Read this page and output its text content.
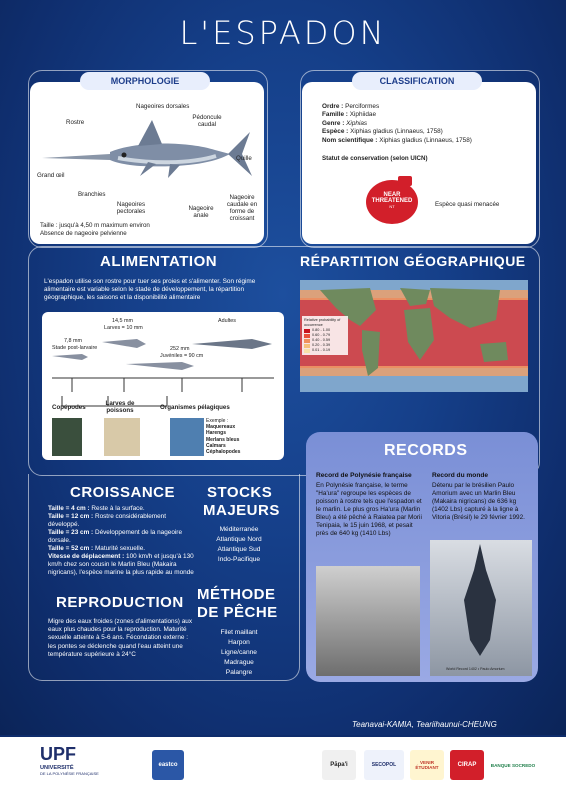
L'ESPADON
MORPHOLOGIE
Nageoires dorsales
Rostre
Pédoncule caudal
Quille
Grand œil
Branchies
Nageoires pectorales	Nageoire anale
Nageoire caudale en forme de croissant
Taille : jusqu'à 4,50 m maximum environ
Absence de nageoire pelvienne
CLASSIFICATION
Ordre : Perciformes
Famille : Xiphiidae
Genre : Xiphias
Espèce : Xiphias gladius (Linnaeus, 1758)
Nom scientifique : Xiphias gladius (Linnaeus, 1758)
Statut de conservation (selon UICN)
NEAR
THREATENED
NT	Espèce quasi menacée
ALIMENTATION
L'espadon utilise son rostre pour tuer ses proies et s'alimenter. Son régime alimentaire est variable selon le stade de développement, la répartition géographique, les saisons et la disponibilité alimentaire
7,8 mm
Stade post-larvaire
14,5 mm
Larves = 10 mm
252 mm
Juvéniles = 90 cm
Adultes
Copépodes
Larves de poissons	Organismes pélagiques
Exemple :
Maquereaux
Harengs
Merlans bleus
Calmars
Céphalopodes
RÉPARTITION GÉOGRAPHIQUE
Relative probability of occurrence
0.80 - 1.00
0.60 - 0.79
0.40 - 0.59
0.20 - 0.39
0.01 - 0.19
CROISSANCE
Taille = 4 cm : Reste à la surface.
Taille = 12 cm : Rostre considérablement développé.
Taille = 23 cm : Développement de la nageoire dorsale.
Taille = 52 cm : Maturité sexuelle.
Vitesse de déplacement : 100 km/h et jusqu'à 130 km/h chez son cousin le Marlin Bleu (Makaira nigricans), l'espèce marine la plus rapide au monde
STOCKS
MAJEURS
Méditerranée
Atlantique Nord
Atlantique Sud
Indo-Pacifique
REPRODUCTION
Migre des eaux froides (zones d'alimentations) aux eaux plus chaudes pour la reproduction. Maturité sexuelle atteinte à 5-6 ans. Fécondation externe : les pontes se déclenche quand l'eau atteint une température supérieure à 24°C
MÉTHODE
DE PÊCHE
Filet maillant
Harpon
Ligne/canne
Madrague
Palangre
RECORDS
Record de Polynésie française
En Polynésie française, le terme "Ha'ura" regroupe les espèces de poisson à rostre tels que l'espadon et le marlin. Le plus gros Ha'ura (Marlin Bleu) a été pêché à Raiatea par Morii Tenipaia, le 15 juin 1968, et pesait près de 640 kg (1410 Lbs)
Record du monde
Détenu par le brésilien Paulo Amorium avec un Marlin Bleu (Makaira nigricans) de 636 kg (1402 Lbs) capturé à la ligne à Vitoria (Brésil) le 29 février 1992.
World Record 1402 • Paulo Amorium
Teanavai-KAMIA, Teariihaunui-CHEUNG
UPF
UNIVERSITÉ
DE LA POLYNÉSIE FRANÇAISE
eastco	Pāpa'i	SECOPOL	VENIR ÉTUDIANT	CIRAP	BANQUE SOCREDO
